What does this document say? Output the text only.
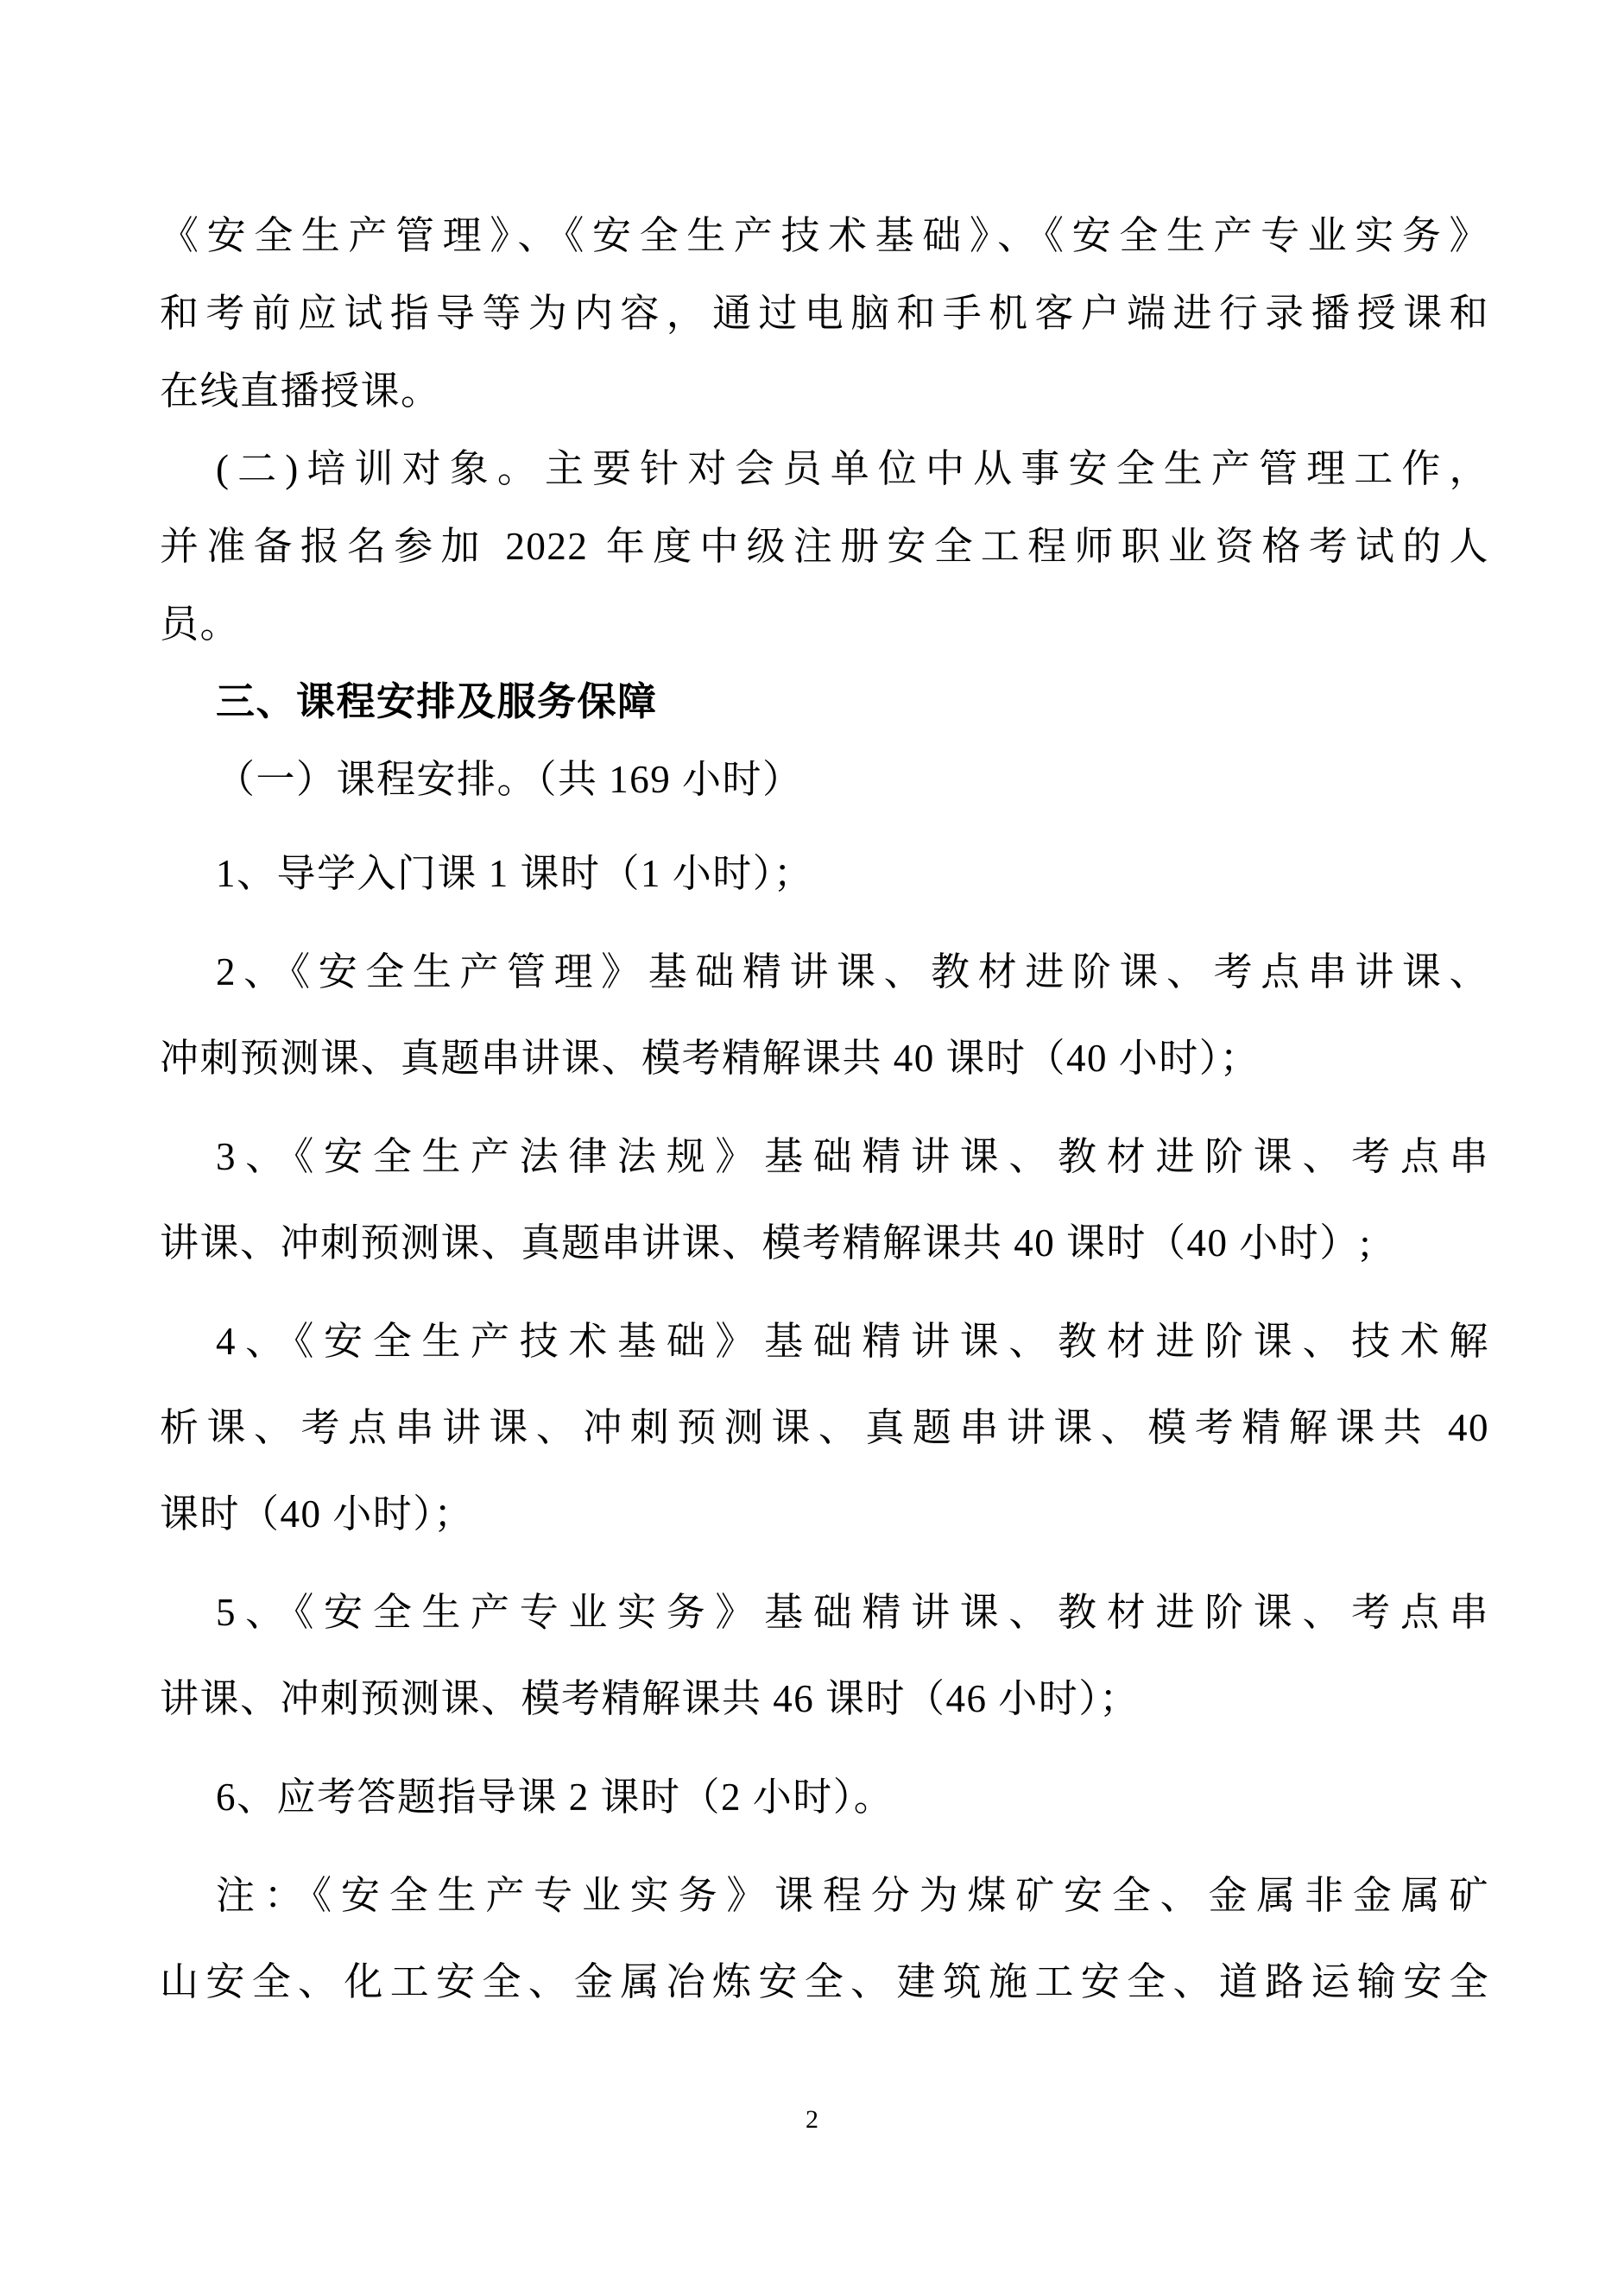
《安全生产管理》、《安全生产技术基础》、《安全生产专业实务》
和考前应试指导等为内容，通过电脑和手机客户端进行录播授课和
在线直播授课。
(二)培训对象。主要针对会员单位中从事安全生产管理工作，
并准备报名参加 2022 年度中级注册安全工程师职业资格考试的人
员。
三、课程安排及服务保障
（一）课程安排。（共 169 小时）
1、导学入门课 1 课时（1 小时）；
2、《安全生产管理》基础精讲课、教材进阶课、考点串讲课、
冲刺预测课、真题串讲课、模考精解课共 40 课时（40 小时）；
3、《安全生产法律法规》基础精讲课、教材进阶课、考点串
讲课、冲刺预测课、真题串讲课、模考精解课共 40 课时（40 小时）;
4、《安全生产技术基础》基础精讲课、教材进阶课、技术解
析课、考点串讲课、冲刺预测课、真题串讲课、模考精解课共 40
课时（40 小时）；
5、《安全生产专业实务》基础精讲课、教材进阶课、考点串
讲课、冲刺预测课、模考精解课共 46 课时（46 小时）；
6、应考答题指导课 2 课时（2 小时）。
注：《安全生产专业实务》课程分为煤矿安全、金属非金属矿
山安全、化工安全、金属冶炼安全、建筑施工安全、道路运输安全
2
